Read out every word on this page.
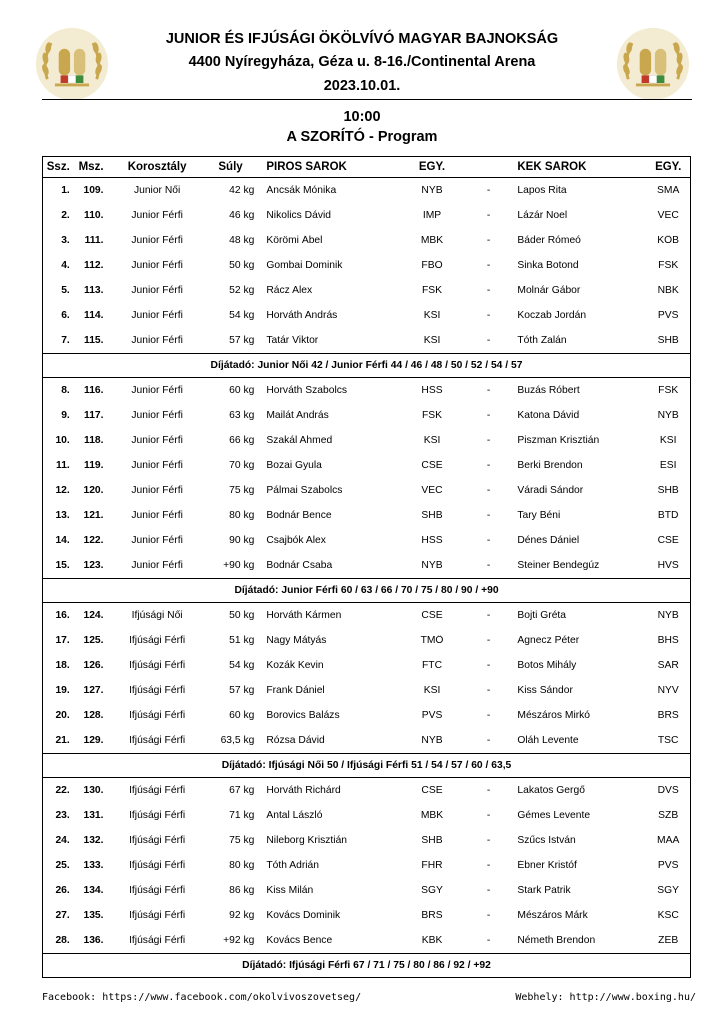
JUNIOR ÉS IFJÚSÁGI ÖKÖLVÍVÓ MAGYAR BAJNOKSÁG
4400 Nyíregyháza, Géza u. 8-16./Continental Arena
2023.10.01.
10:00
A SZORÍTÓ - Program
Ssz. Msz.	Korosztály	Súly	PIROS SAROK	EGY.	KÉK SAROK	EGY.
1.	109.	Junior Női	42 kg	Áncsák Mónika	NYB	-	Lapos Rita	SMA
2.	110.	Junior Férfi	46 kg	Nikolics Dávid	IMP	-	Lázár Noel	VEC
3.	111.	Junior Férfi	48 kg	Körömi Ábel	MBK	-	Báder Rómeó	KÖB
4.	112.	Junior Férfi	50 kg	Gombai Dominik	FBO	-	Sinka Botond	FSK
5.	113.	Junior Férfi	52 kg	Rácz Alex	FSK	-	Molnár Gábor	NBK
6.	114.	Junior Férfi	54 kg	Horváth András	KSI	-	Koczab Jordán	PVS
7.	115.	Junior Férfi	57 kg	Tatár Viktor	KSI	-	Tóth Zalán	SHB
Díjátadó: Junior Női 42 / Junior Férfi 44 / 46 / 48 / 50 / 52 / 54 / 57
8.	116.	Junior Férfi	60 kg	Horváth Szabolcs	HSS	-	Buzás Róbert	FSK
9.	117.	Junior Férfi	63 kg	Mailát András	FSK	-	Katona Dávid	NYB
10.	118.	Junior Férfi	66 kg	Szakál Ahmed	KSI	-	Piszman Krisztián	KSI
11.	119.	Junior Férfi	70 kg	Bozai Gyula	CSE	-	Berki Brendon	ESI
12.	120.	Junior Férfi	75 kg	Pálmai Szabolcs	VEC	-	Váradi Sándor	SHB
13.	121.	Junior Férfi	80 kg	Bodnár Bence	SHB	-	Tary Béni	BTD
14.	122.	Junior Férfi	90 kg	Csajbók Alex	HSS	-	Dénes Dániel	CSE
15.	123.	Junior Férfi	+90 kg	Bodnár Csaba	NYB	-	Steiner Bendegúz	HVS
Díjátadó: Junior Férfi 60 / 63 / 66 / 70 / 75 / 80 / 90 / +90
16.	124.	Ifjúsági Női	50 kg	Horváth Kármen	CSE	-	Bojti Gréta	NYB
17.	125.	Ifjúsági Férfi	51 kg	Nagy Mátyás	TMÖ	-	Agnecz Péter	BHS
18.	126.	Ifjúsági Férfi	54 kg	Kozák Kevin	FTC	-	Botos Mihály	SAR
19.	127.	Ifjúsági Férfi	57 kg	Frank Dániel	KSI	-	Kiss Sándor	NYV
20.	128.	Ifjúsági Férfi	60 kg	Borovics Balázs	PVS	-	Mészáros Mirkó	BRS
21.	129.	Ifjúsági Férfi	63,5 kg	Rózsa Dávid	NYB	-	Oláh Levente	TSC
Díjátadó: Ifjúsági Női 50 / Ifjúsági Férfi 51 / 54 / 57 / 60 / 63,5
22.	130.	Ifjúsági Férfi	67 kg	Horváth Richárd	CSE	-	Lakatos Gergő	DVS
23.	131.	Ifjúsági Férfi	71 kg	Antal László	MBK	-	Gémes Levente	SZB
24.	132.	Ifjúsági Férfi	75 kg	Nileborg Krisztián	SHB	-	Szűcs István	MAA
25.	133.	Ifjúsági Férfi	80 kg	Tóth Adrián	FHR	-	Ébner Kristóf	PVS
26.	134.	Ifjúsági Férfi	86 kg	Kiss Milán	SGY	-	Stark Patrik	SGY
27.	135.	Ifjúsági Férfi	92 kg	Kovács Dominik	BRS	-	Mészáros Márk	KSC
28.	136.	Ifjúsági Férfi	+92 kg	Kovács Bence	KBK	-	Németh Brendon	ZEB
Díjátadó: Ifjúsági Férfi 67 / 71 / 75 / 80 / 86 / 92 / +92
Facebook: https://www.facebook.com/okolvivoszovetseg/	Webhely: http://www.boxing.hu/
